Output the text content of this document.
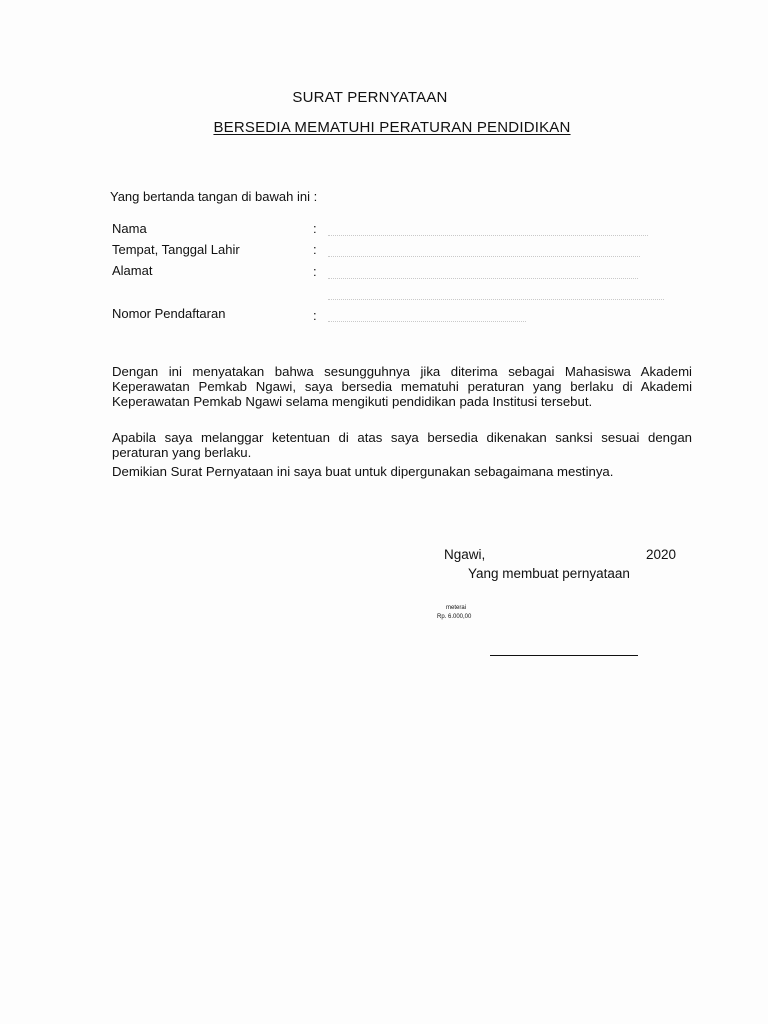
SURAT PERNYATAAN
BERSEDIA MEMATUHI PERATURAN PENDIDIKAN
Yang bertanda tangan di bawah ini :
Nama	:
Tempat, Tanggal Lahir	:
Alamat	:
Nomor Pendaftaran	:
Dengan ini menyatakan bahwa sesungguhnya jika diterima sebagai Mahasiswa Akademi Keperawatan Pemkab Ngawi, saya bersedia mematuhi peraturan yang berlaku di Akademi Keperawatan Pemkab Ngawi selama mengikuti pendidikan pada Institusi tersebut.
Apabila saya melanggar ketentuan di atas saya bersedia dikenakan sanksi sesuai dengan peraturan yang berlaku.
Demikian Surat Pernyataan ini saya buat untuk dipergunakan sebagaimana mestinya.
Ngawi,	2020
Yang membuat pernyataan
meterai
Rp. 6.000,00
